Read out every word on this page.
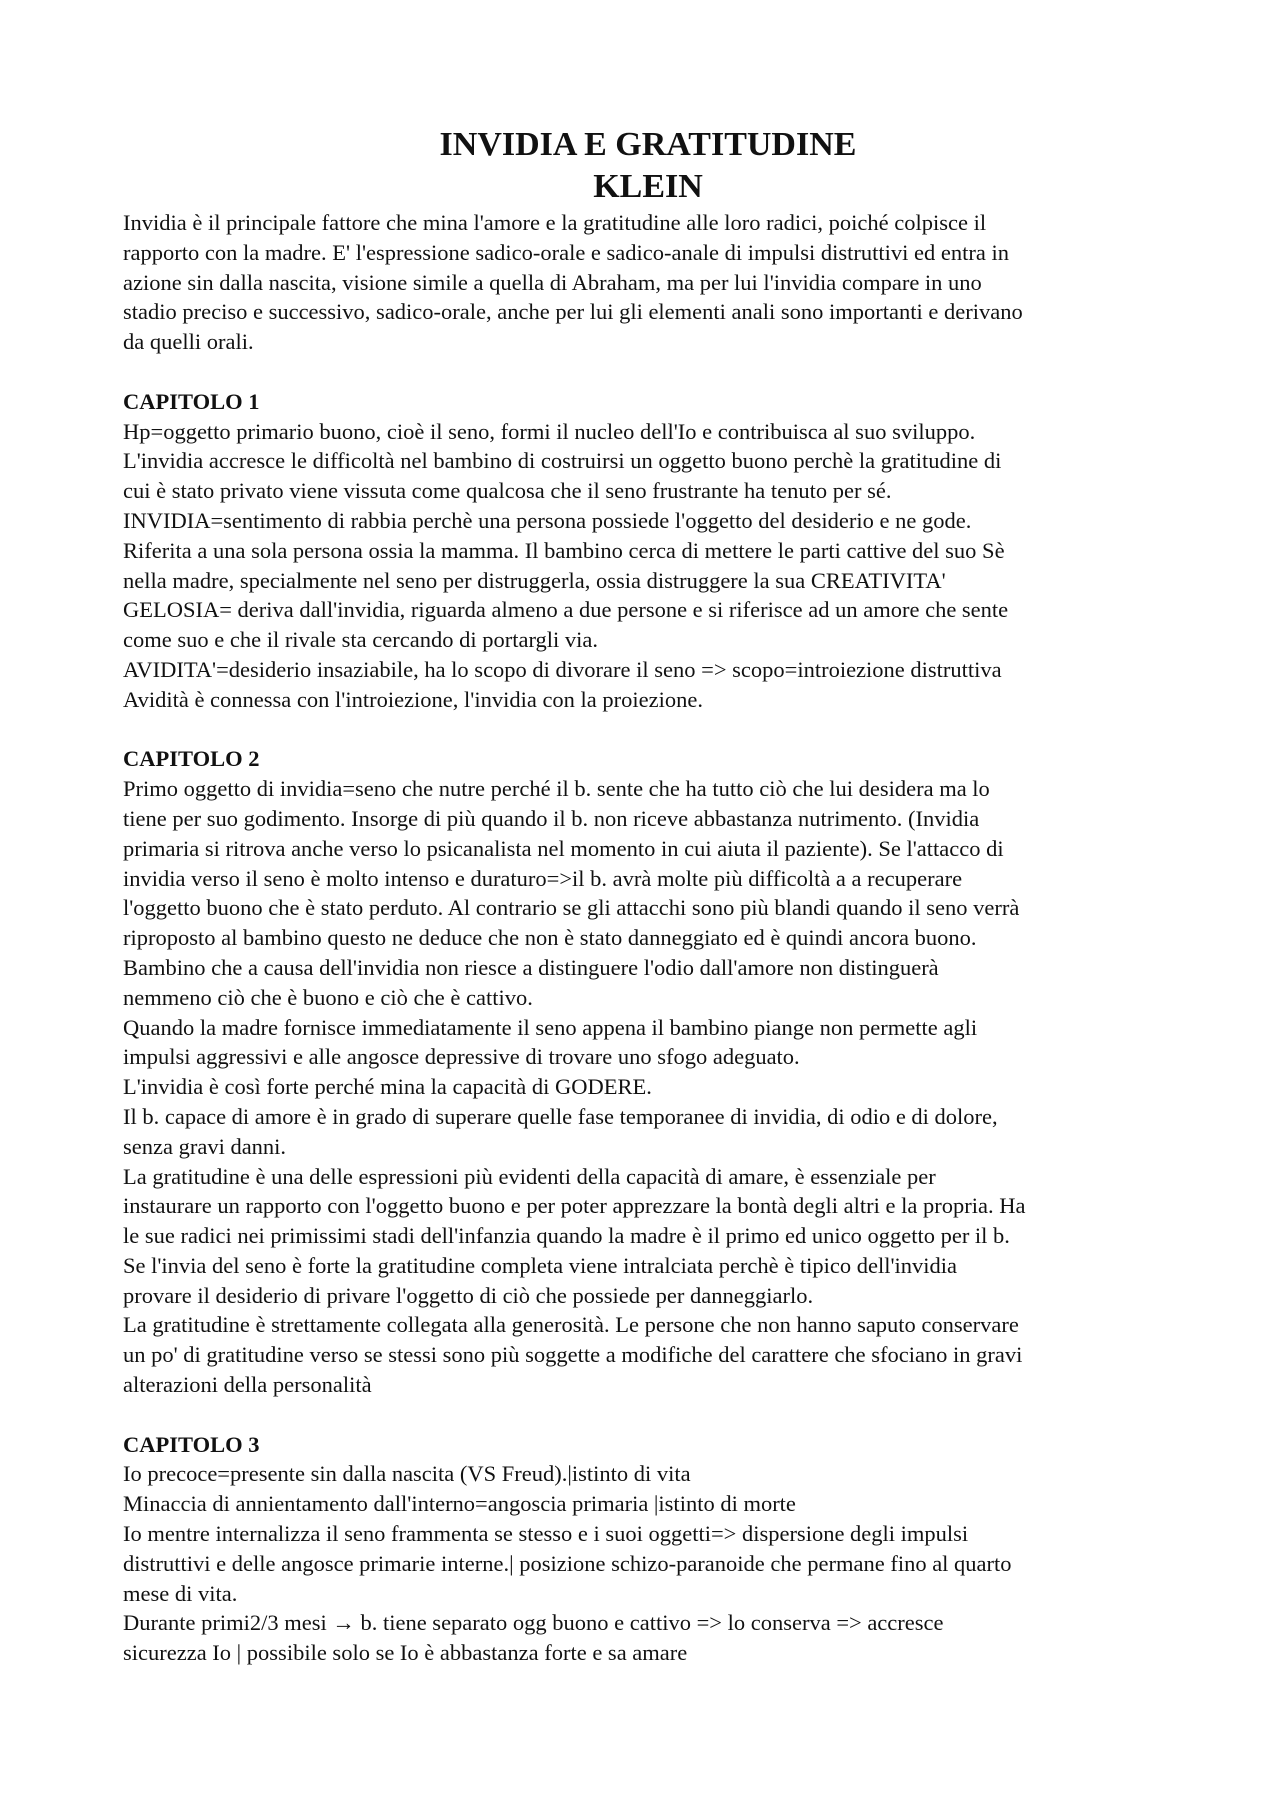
INVIDIA E GRATITUDINE
KLEIN

Invidia è il principale fattore che mina l'amore e la gratitudine alle loro radici, poiché colpisce il
rapporto con la madre. E' l'espressione sadico-orale e sadico-anale di impulsi distruttivi ed entra in
azione sin dalla nascita, visione simile a quella di Abraham, ma per lui l'invidia compare in uno
stadio preciso e successivo, sadico-orale, anche per lui gli elementi anali sono importanti e derivano
da quelli orali.

CAPITOLO 1

Hp=oggetto primario buono, cioè il seno, formi il nucleo dell'Io e contribuisca al suo sviluppo.
L'invidia accresce le difficoltà nel bambino di costruirsi un oggetto buono perchè la gratitudine di
cui è stato privato viene vissuta come qualcosa che il seno frustrante ha tenuto per sé.
INVIDIA=sentimento di rabbia perchè una persona possiede l'oggetto del desiderio e ne gode.
Riferita a una sola persona ossia la mamma. Il bambino cerca di mettere le parti cattive del suo Sè
nella madre, specialmente nel seno per distruggerla, ossia distruggere la sua CREATIVITA'
GELOSIA= deriva dall'invidia, riguarda almeno a due persone e si riferisce ad un amore che sente
come suo e che il rivale sta cercando di portargli via.
AVIDITA'=desiderio insaziabile, ha lo scopo di divorare il seno => scopo=introiezione distruttiva
Avidità è connessa con l'introiezione, l'invidia con la proiezione.

CAPITOLO 2

Primo oggetto di invidia=seno che nutre perché il b. sente che ha tutto ciò che lui desidera ma lo
tiene per suo godimento. Insorge di più quando il b. non riceve abbastanza nutrimento. (Invidia
primaria si ritrova anche verso lo psicanalista nel momento in cui aiuta il paziente). Se l'attacco di
invidia verso il seno è molto intenso e duraturo=>il b. avrà molte più difficoltà a a recuperare
l'oggetto buono che è stato perduto. Al contrario se gli attacchi sono più blandi quando il seno verrà
riproposto al bambino questo ne deduce che non è stato danneggiato ed è quindi ancora buono.
Bambino che a causa dell'invidia non riesce a distinguere l'odio dall'amore non distinguerà
nemmeno ciò che è buono e ciò che è cattivo.
Quando la madre fornisce immediatamente il seno appena il bambino piange non permette agli
impulsi aggressivi e alle angosce depressive di trovare uno sfogo adeguato.
L'invidia è così forte perché mina la capacità di GODERE.
Il b. capace di amore è in grado di superare quelle fase temporanee di invidia, di odio e di dolore,
senza gravi danni.
La gratitudine è una delle espressioni più evidenti della capacità di amare, è essenziale per
instaurare un rapporto con l'oggetto buono e per poter apprezzare la bontà degli altri e la propria. Ha
le sue radici nei primissimi stadi dell'infanzia quando la madre è il primo ed unico oggetto per il b.
Se l'invia del seno è forte la gratitudine completa viene intralciata perchè è tipico dell'invidia
provare il desiderio di privare l'oggetto di ciò che possiede per danneggiarlo.
La gratitudine è strettamente collegata alla generosità. Le persone che non hanno saputo conservare
un po' di gratitudine verso se stessi sono più soggette a modifiche del carattere che sfociano in gravi
alterazioni della personalità

CAPITOLO 3

Io precoce=presente sin dalla nascita (VS Freud).|istinto di vita
Minaccia di annientamento dall'interno=angoscia primaria |istinto di morte
Io mentre internalizza il seno frammenta se stesso e i suoi oggetti=> dispersione degli impulsi
distruttivi e delle angosce primarie interne.| posizione schizo-paranoide che permane fino al quarto
mese di vita.
Durante primi2/3 mesi → b. tiene separato ogg buono e cattivo => lo conserva => accresce
sicurezza Io | possibile solo se Io è abbastanza forte e sa amare
